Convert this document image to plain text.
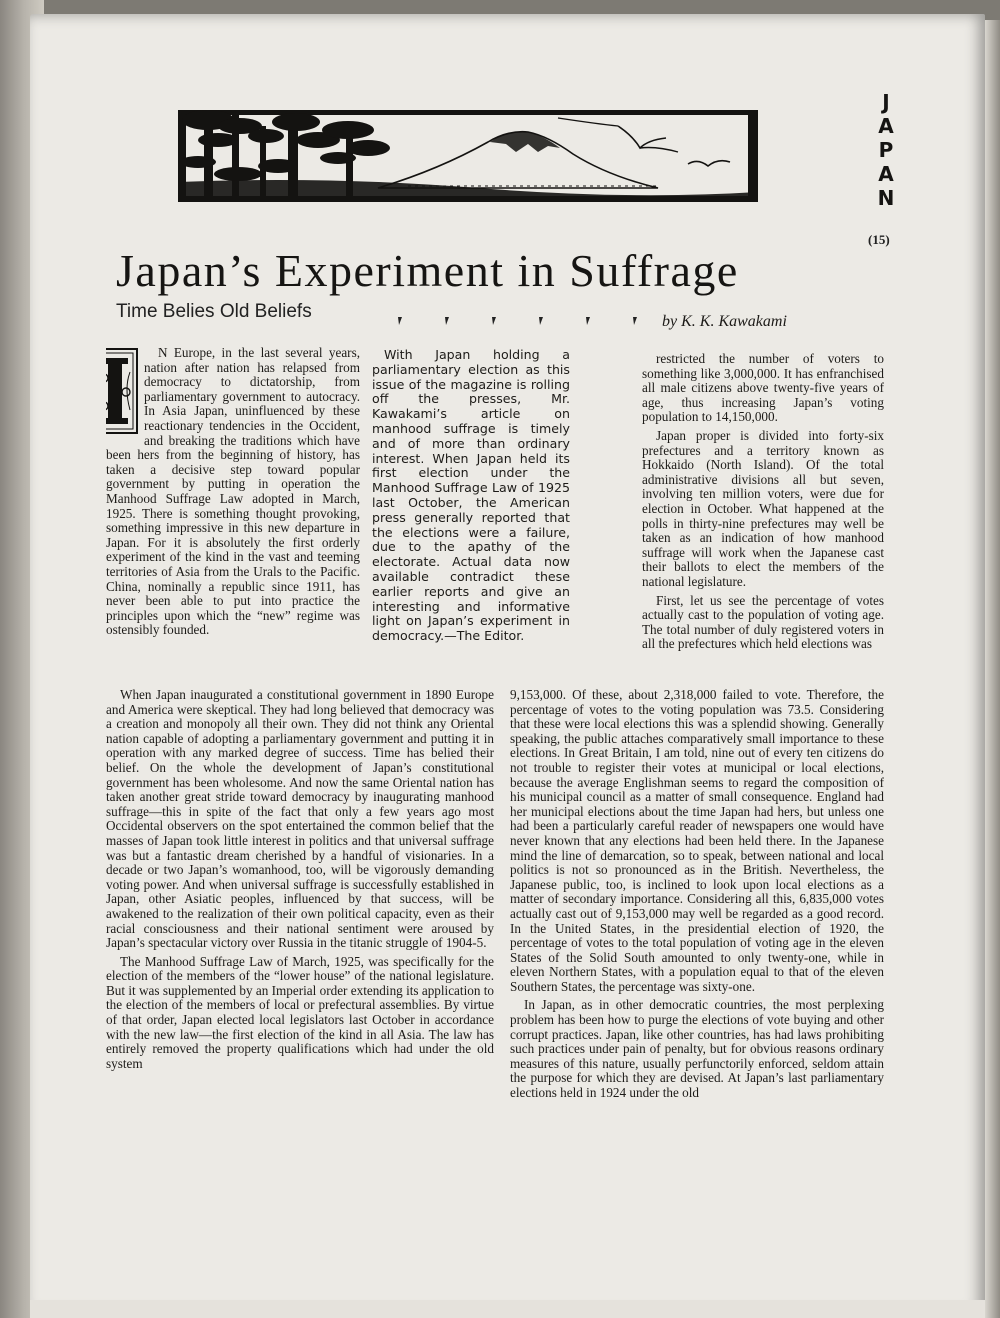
J
A
P
A
N
(15)
Japan’s Experiment in Suffrage
Time Belies Old Beliefs	by K. K. Kawakami

N Europe, in the last several years, nation after nation has relapsed from democracy to dictatorship, from parliamentary government to autocracy. In Asia Japan, uninfluenced by these reactionary tendencies in the Occident, and breaking the traditions which have been hers from the beginning of history, has taken a decisive step toward popular government by putting in operation the Manhood Suffrage Law adopted in March, 1925. There is something thought provoking, something impressive in this new departure in Japan. For it is absolutely the first orderly experiment of the kind in the vast and teeming territories of Asia from the Urals to the Pacific. China, nominally a republic since 1911, has never been able to put into practice the principles upon which the “new” regime was ostensibly founded.

With Japan holding a parliamentary election as this issue of the magazine is rolling off the presses, Mr. Kawakami’s article on manhood suffrage is timely and of more than ordinary interest. When Japan held its first election under the Manhood Suffrage Law of 1925 last October, the American press generally reported that the elections were a failure, due to the apathy of the electorate. Actual data now available contradict these earlier reports and give an interesting and informative light on Japan’s experiment in democracy.—The Editor.

restricted the number of voters to something like 3,000,000. It has enfranchised all male citizens above twenty-five years of age, thus increasing Japan’s voting population to 14,150,000.

Japan proper is divided into forty-six prefectures and a territory known as Hokkaido (North Island). Of the total administrative divisions all but seven, involving ten million voters, were due for election in October. What happened at the polls in thirty-nine prefectures may well be taken as an indication of how manhood suffrage will work when the Japanese cast their ballots to elect the members of the national legislature.

First, let us see the percentage of votes actually cast to the population of voting age. The total number of duly registered voters in all the prefectures which held elections was

When Japan inaugurated a constitutional government in 1890 Europe and America were skeptical. They had long believed that democracy was a creation and monopoly all their own. They did not think any Oriental nation capable of adopting a parliamentary government and putting it in operation with any marked degree of success. Time has belied their belief. On the whole the development of Japan’s constitutional government has been wholesome. And now the same Oriental nation has taken another great stride toward democracy by inaugurating manhood suffrage—this in spite of the fact that only a few years ago most Occidental observers on the spot entertained the common belief that the masses of Japan took little interest in politics and that universal suffrage was but a fantastic dream cherished by a handful of visionaries. In a decade or two Japan’s womanhood, too, will be vigorously demanding voting power. And when universal suffrage is successfully established in Japan, other Asiatic peoples, influenced by that success, will be awakened to the realization of their own political capacity, even as their racial consciousness and their national sentiment were aroused by Japan’s spectacular victory over Russia in the titanic struggle of 1904-5.

The Manhood Suffrage Law of March, 1925, was specifically for the election of the members of the “lower house” of the national legislature. But it was supplemented by an Imperial order extending its application to the election of the members of local or prefectural assemblies. By virtue of that order, Japan elected local legislators last October in accordance with the new law—the first election of the kind in all Asia. The law has entirely removed the property qualifications which had under the old system

9,153,000. Of these, about 2,318,000 failed to vote. Therefore, the percentage of votes to the voting population was 73.5. Considering that these were local elections this was a splendid showing. Generally speaking, the public attaches comparatively small importance to these elections. In Great Britain, I am told, nine out of every ten citizens do not trouble to register their votes at municipal or local elections, because the average Englishman seems to regard the composition of his municipal council as a matter of small consequence. England had her municipal elections about the time Japan had hers, but unless one had been a particularly careful reader of newspapers one would have never known that any elections had been held there. In the Japanese mind the line of demarcation, so to speak, between national and local politics is not so pronounced as in the British. Nevertheless, the Japanese public, too, is inclined to look upon local elections as a matter of secondary importance. Considering all this, 6,835,000 votes actually cast out of 9,153,000 may well be regarded as a good record. In the United States, in the presidential election of 1920, the percentage of votes to the total population of voting age in the eleven States of the Solid South amounted to only twenty-one, while in eleven Northern States, with a population equal to that of the eleven Southern States, the percentage was sixty-one.

In Japan, as in other democratic countries, the most perplexing problem has been how to purge the elections of vote buying and other corrupt practices. Japan, like other countries, has had laws prohibiting such practices under pain of penalty, but for obvious reasons ordinary measures of this nature, usually perfunctorily enforced, seldom attain the purpose for which they are devised. At Japan’s last parliamentary elections held in 1924 under the old
